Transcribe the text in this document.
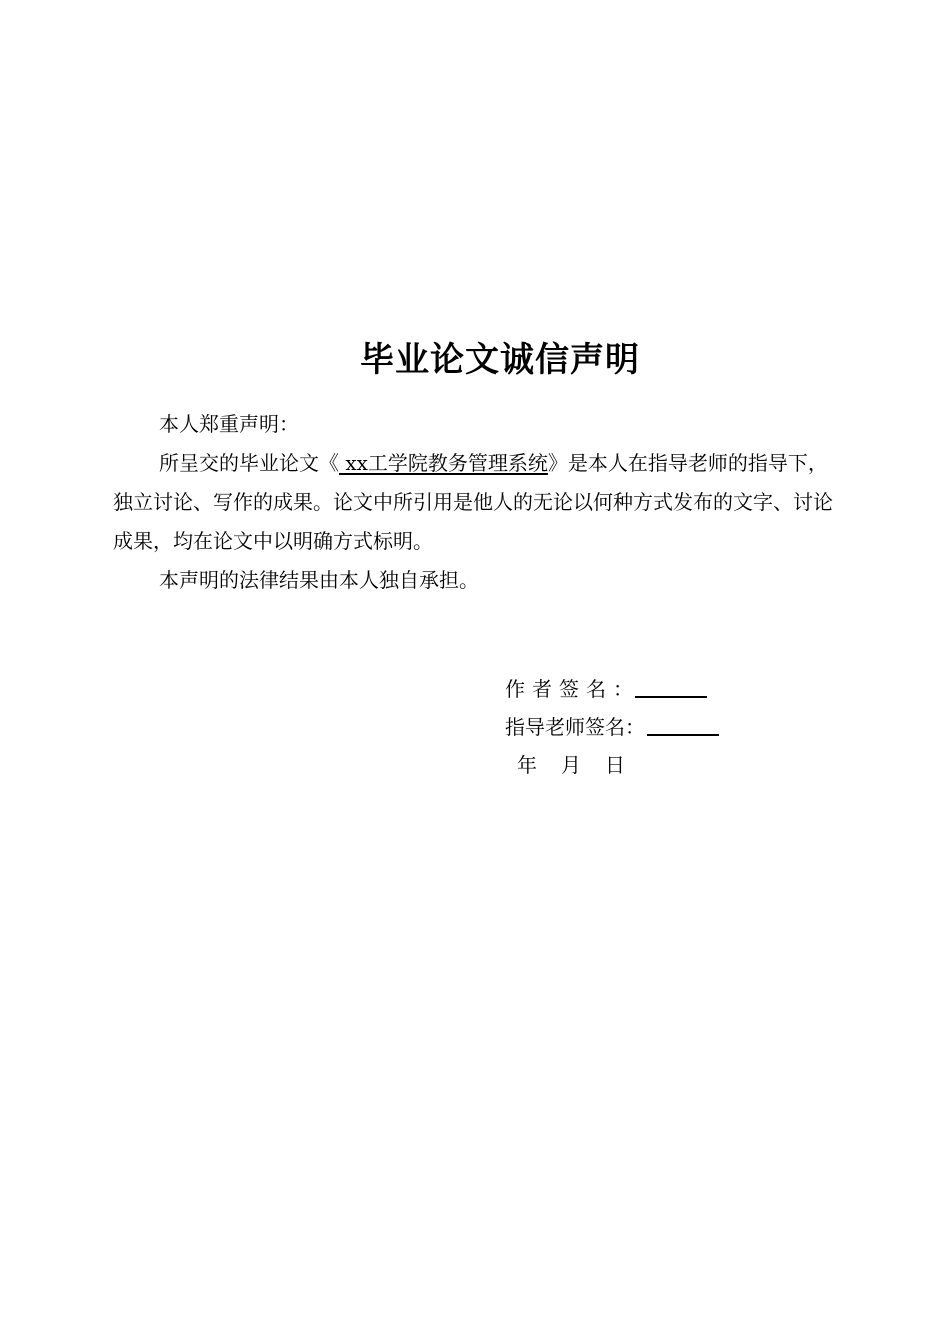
毕业论文诚信声明

本人郑重声明：

所呈交的毕业论文《 xx工学院教务管理系统》是本人在指导老师的指导下，独立讨论、写作的成果。论文中所引用是他人的无论以何种方式发布的文字、讨论成果，均在论文中以明确方式标明。

本声明的法律结果由本人独自承担。

作者签名 ：
指导老师签名：
年 月 日
